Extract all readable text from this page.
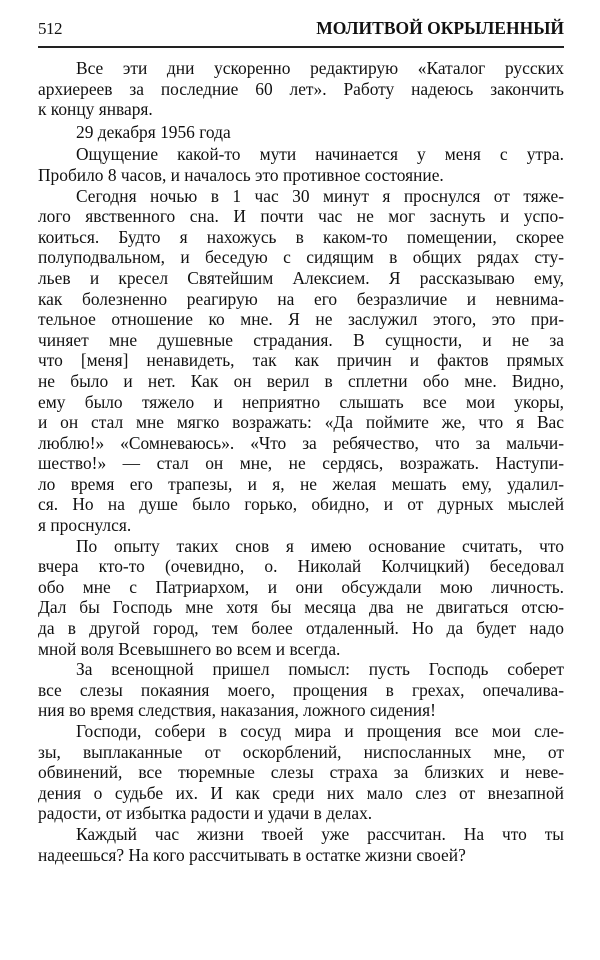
512	МОЛИТВОЙ ОКРЫЛЕННЫЙ

Все эти дни ускоренно редактирую «Каталог русских
архиереев за последние 60 лет». Работу надеюсь закончить
к концу января.

29 декабря 1956 года

Ощущение какой-то мути начинается у меня с утра.
Пробило 8 часов, и началось это противное состояние.

Сегодня ночью в 1 час 30 минут я проснулся от тяже-
лого явственного сна. И почти час не мог заснуть и успо-
коиться. Будто я нахожусь в каком-то помещении, скорее
полуподвальном, и беседую с сидящим в общих рядах сту-
льев и кресел Святейшим Алексием. Я рассказываю ему,
как болезненно реагирую на его безразличие и невнима-
тельное отношение ко мне. Я не заслужил этого, это при-
чиняет мне душевные страдания. В сущности, и не за
что [меня] ненавидеть, так как причин и фактов прямых
не было и нет. Как он верил в сплетни обо мне. Видно,
ему было тяжело и неприятно слышать все мои укоры,
и он стал мне мягко возражать: «Да поймите же, что я Вас
люблю!» «Сомневаюсь». «Что за ребячество, что за мальчи-
шество!» — стал он мне, не сердясь, возражать. Наступи-
ло время его трапезы, и я, не желая мешать ему, удалил-
ся. Но на душе было горько, обидно, и от дурных мыслей
я проснулся.

По опыту таких снов я имею основание считать, что
вчера кто-то (очевидно, о. Николай Колчицкий) беседовал
обо мне с Патриархом, и они обсуждали мою личность.
Дал бы Господь мне хотя бы месяца два не двигаться отсю-
да в другой город, тем более отдаленный. Но да будет надо
мной воля Всевышнего во всем и всегда.

За всенощной пришел помысл: пусть Господь соберет
все слезы покаяния моего, прощения в грехах, опечалива-
ния во время следствия, наказания, ложного сидения!

Господи, собери в сосуд мира и прощения все мои сле-
зы, выплаканные от оскорблений, ниспосланных мне, от
обвинений, все тюремные слезы страха за близких и неве-
дения о судьбе их. И как среди них мало слез от внезапной
радости, от избытка радости и удачи в делах.

Каждый час жизни твоей уже рассчитан. На что ты
надеешься? На кого рассчитывать в остатке жизни своей?
